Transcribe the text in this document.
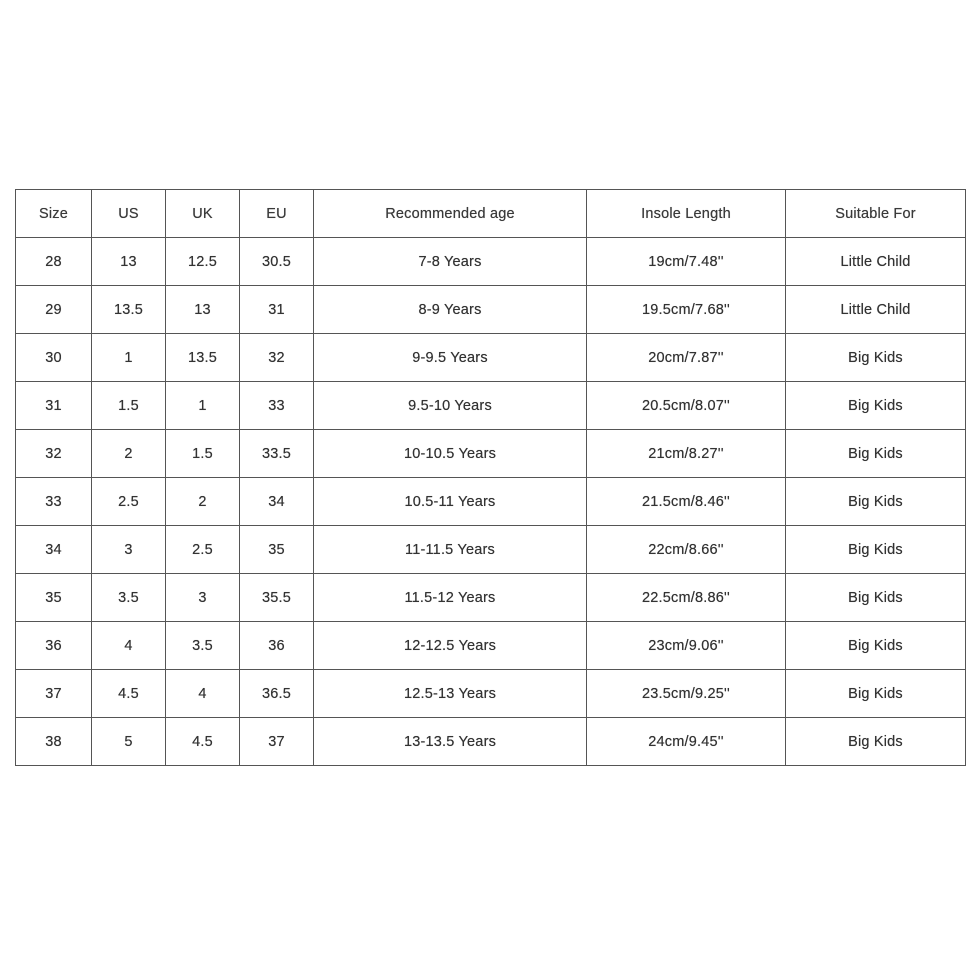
Size	US	UK	EU	Recommended age	Insole Length	Suitable For
28	13	12.5	30.5	7-8 Years	19cm/7.48''	Little Child
29	13.5	13	31	8-9 Years	19.5cm/7.68''	Little Child
30	1	13.5	32	9-9.5 Years	20cm/7.87''	Big Kids
31	1.5	1	33	9.5-10 Years	20.5cm/8.07''	Big Kids
32	2	1.5	33.5	10-10.5 Years	21cm/8.27''	Big Kids
33	2.5	2	34	10.5-11 Years	21.5cm/8.46''	Big Kids
34	3	2.5	35	11-11.5 Years	22cm/8.66''	Big Kids
35	3.5	3	35.5	11.5-12 Years	22.5cm/8.86''	Big Kids
36	4	3.5	36	12-12.5 Years	23cm/9.06''	Big Kids
37	4.5	4	36.5	12.5-13 Years	23.5cm/9.25''	Big Kids
38	5	4.5	37	13-13.5 Years	24cm/9.45''	Big Kids
